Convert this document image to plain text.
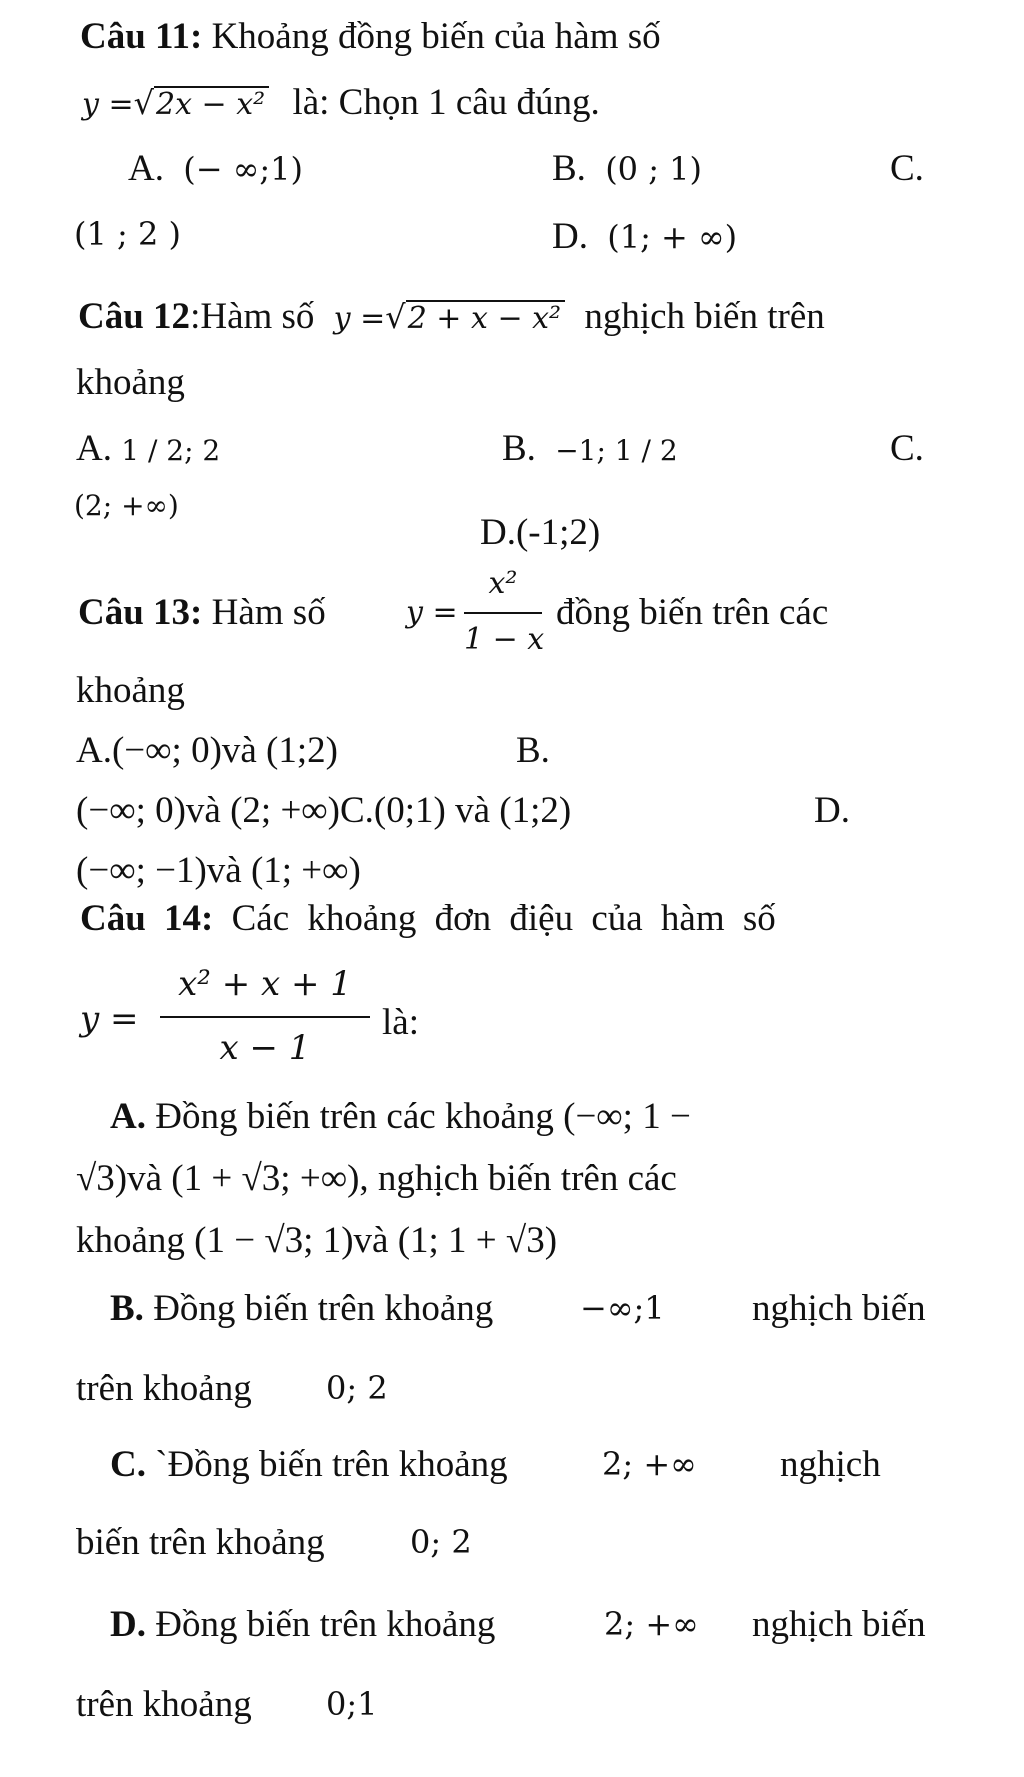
Câu 11: Khoảng đồng biến của hàm số
y =√2x − x² là: Chọn 1 câu đúng.
A. (− ∞;1)	B. (0 ; 1)	C.
(1 ; 2 )	D. (1; + ∞)
Câu 12:Hàm số y =√2 + x − x² nghịch biến trên
khoảng
A. 1 / 2; 2	B. −1; 1 / 2	C.
(2; +∞)
D.(-1;2)
Câu 13: Hàm số	y =
x²
1 − x
đồng biến trên các
khoảng
A.(−∞; 0)và (1;2)	B.
(−∞; 0)và (2; +∞)C.(0;1) và (1;2)	D.
(−∞; −1)và (1; +∞)
Câu 14: Các khoảng đơn điệu của hàm số
y =
x² + x + 1
x − 1
là:
A. Đồng biến trên các khoảng (−∞; 1 −
√3)và (1 + √3; +∞), nghịch biến trên các
khoảng (1 − √3; 1)và (1; 1 + √3)
B. Đồng biến trên khoảng	−∞;1 nghịch biến
trên khoảng 0; 2
C. `Đồng biến trên khoảng	2; +∞ nghịch
biến trên khoảng	0; 2
D. Đồng biến trên khoảng	2; +∞ nghịch biến
trên khoảng 0;1
